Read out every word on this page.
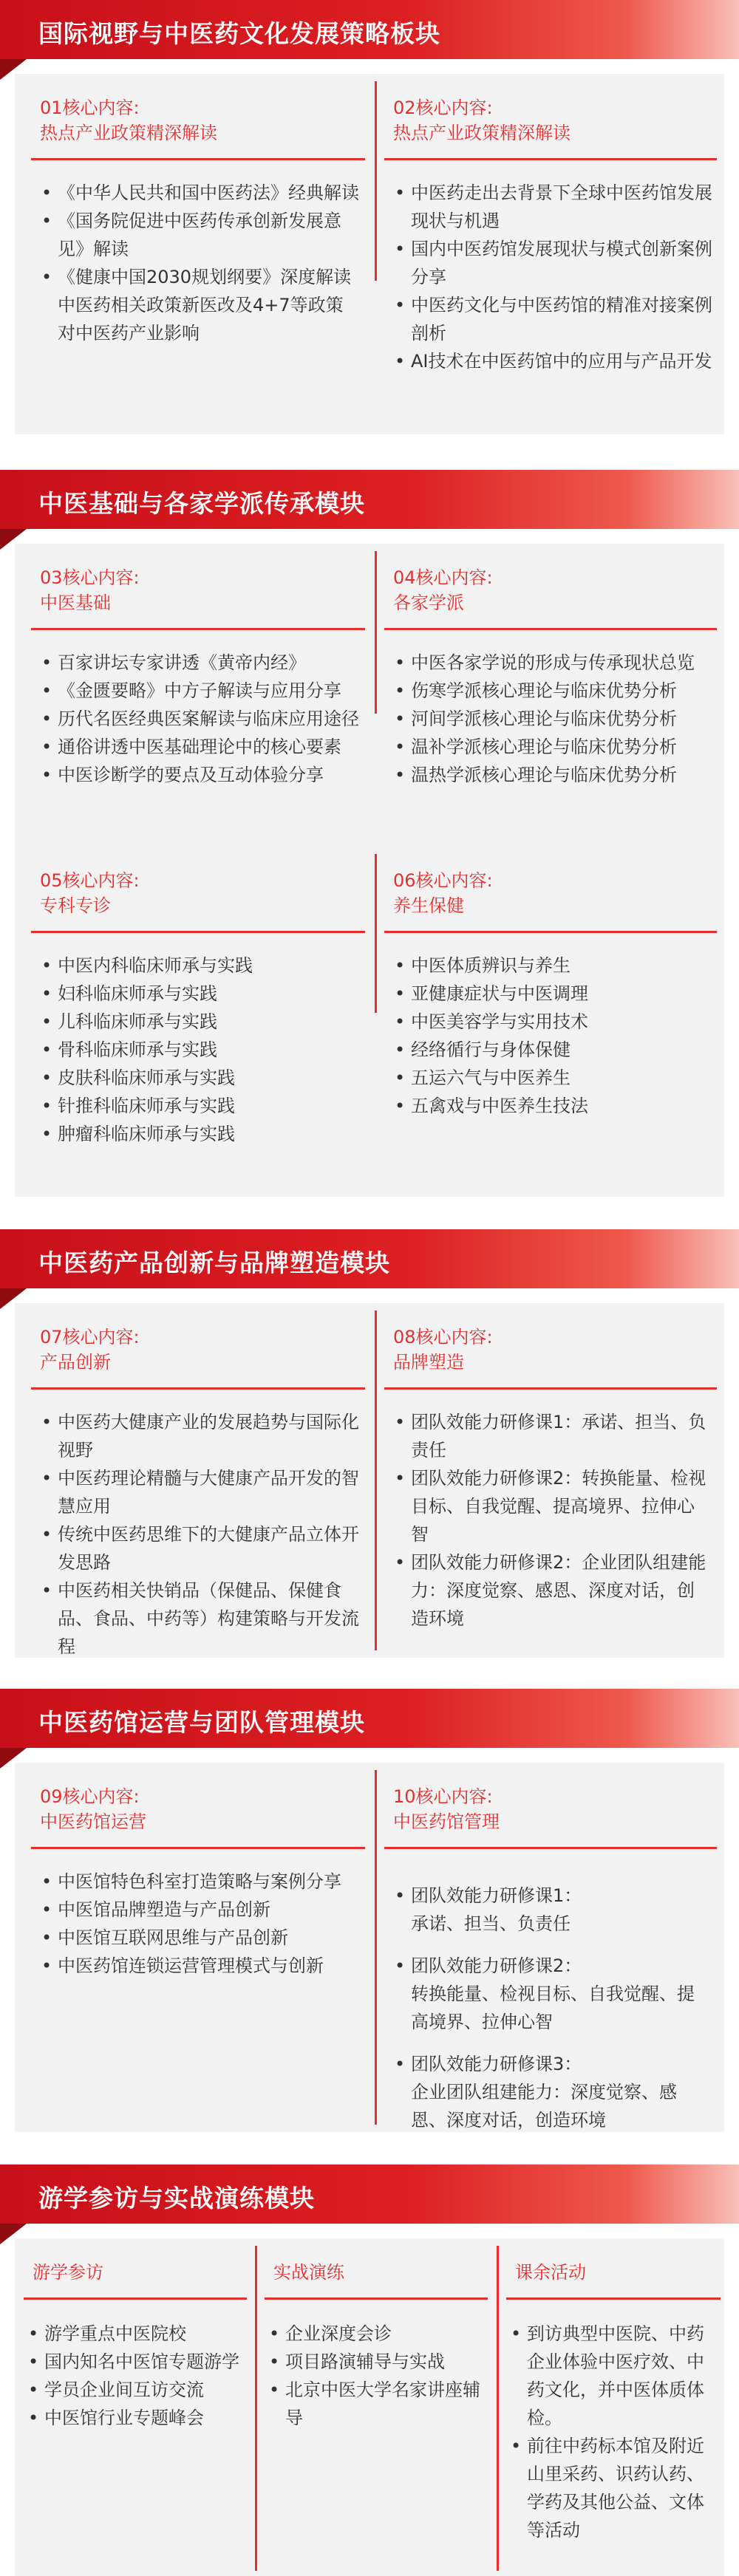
国际视野与中医药文化发展策略板块
01核心内容:
热点产业政策精深解读
• 《中华人民共和国中医药法》经典解读
• 《国务院促进中医药传承创新发展意见》解读
• 《健康中国2030规划纲要》深度解读中医药相关政策新医改及4+7等政策对中医药产业影响
02核心内容:
热点产业政策精深解读
• 中医药走出去背景下全球中医药馆发展现状与机遇
• 国内中医药馆发展现状与模式创新案例分享
• 中医药文化与中医药馆的精准对接案例剖析
• AI技术在中医药馆中的应用与产品开发
中医基础与各家学派传承模块
03核心内容:
中医基础
• 百家讲坛专家讲透《黄帝内经》
• 《金匮要略》中方子解读与应用分享
• 历代名医经典医案解读与临床应用途径
• 通俗讲透中医基础理论中的核心要素
• 中医诊断学的要点及互动体验分享
04核心内容:
各家学派
• 中医各家学说的形成与传承现状总览
• 伤寒学派核心理论与临床优势分析
• 河间学派核心理论与临床优势分析
• 温补学派核心理论与临床优势分析
• 温热学派核心理论与临床优势分析
05核心内容:
专科专诊
• 中医内科临床师承与实践
• 妇科临床师承与实践
• 儿科临床师承与实践
• 骨科临床师承与实践
• 皮肤科临床师承与实践
• 针推科临床师承与实践
• 肿瘤科临床师承与实践
06核心内容:
养生保健
• 中医体质辨识与养生
• 亚健康症状与中医调理
• 中医美容学与实用技术
• 经络循行与身体保健
• 五运六气与中医养生
• 五禽戏与中医养生技法
中医药产品创新与品牌塑造模块
07核心内容:
产品创新
• 中医药大健康产业的发展趋势与国际化视野
• 中医药理论精髓与大健康产品开发的智慧应用
• 传统中医药思维下的大健康产品立体开发思路
• 中医药相关快销品（保健品、保健食品、食品、中药等）构建策略与开发流程
08核心内容:
品牌塑造
• 团队效能力研修课1：承诺、担当、负责任
• 团队效能力研修课2：转换能量、检视目标、自我觉醒、提高境界、拉伸心智
• 团队效能力研修课2：企业团队组建能力：深度觉察、感恩、深度对话，创造环境
中医药馆运营与团队管理模块
09核心内容:
中医药馆运营
• 中医馆特色科室打造策略与案例分享
• 中医馆品牌塑造与产品创新
• 中医馆互联网思维与产品创新
• 中医药馆连锁运营管理模式与创新
10核心内容:
中医药馆管理

• 团队效能力研修课1：
承诺、担当、负责任

• 团队效能力研修课2：
转换能量、检视目标、自我觉醒、提高境界、拉伸心智

• 团队效能力研修课3：
企业团队组建能力：深度觉察、感恩、深度对话，创造环境

游学参访与实战演练模块
游学参访
• 游学重点中医院校
• 国内知名中医馆专题游学
• 学员企业间互访交流
• 中医馆行业专题峰会
实战演练
• 企业深度会诊
• 项目路演辅导与实战
• 北京中医大学名家讲座辅导
课余活动
• 到访典型中医院、中药企业体验中医疗效、中药文化，并中医体质体检。
• 前往中药标本馆及附近山里采药、识药认药、学药及其他公益、文体等活动
